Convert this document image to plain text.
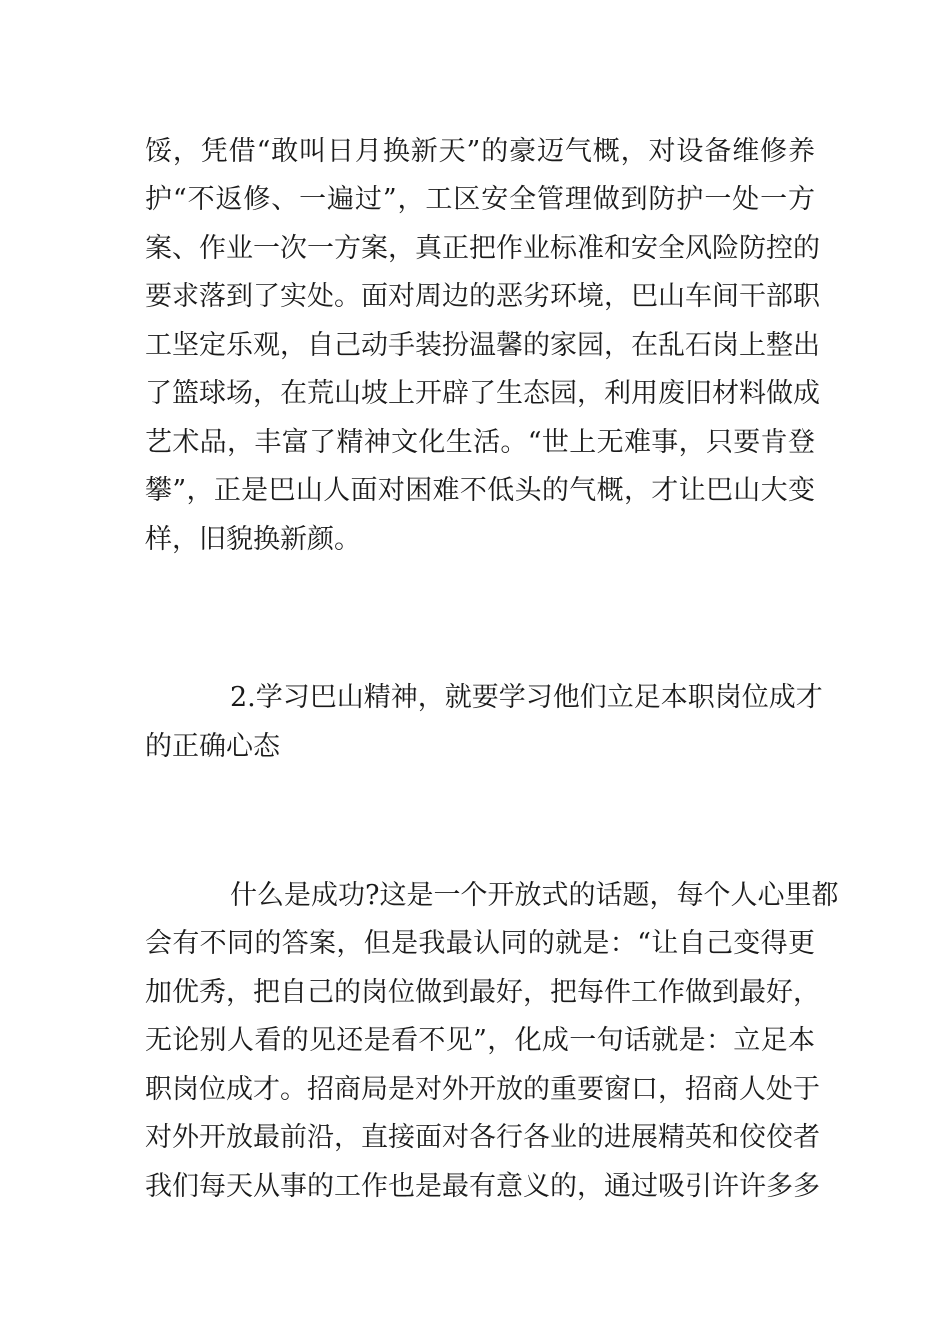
馁，凭借“敢叫日月换新天”的豪迈气概，对设备维修养
护“不返修、一遍过”，工区安全管理做到防护一处一方
案、作业一次一方案，真正把作业标准和安全风险防控的
要求落到了实处。面对周边的恶劣环境，巴山车间干部职
工坚定乐观，自己动手装扮温馨的家园，在乱石岗上整出
了篮球场，在荒山坡上开辟了生态园，利用废旧材料做成
艺术品，丰富了精神文化生活。“世上无难事，只要肯登
攀”，正是巴山人面对困难不低头的气概，才让巴山大变
样，旧貌换新颜。
2.学习巴山精神，就要学习他们立足本职岗位成才
的正确心态
什么是成功?这是一个开放式的话题，每个人心里都
会有不同的答案，但是我最认同的就是：“让自己变得更
加优秀，把自己的岗位做到最好，把每件工作做到最好，
无论别人看的见还是看不见”，化成一句话就是：立足本
职岗位成才。招商局是对外开放的重要窗口，招商人处于
对外开放最前沿，直接面对各行各业的进展精英和佼佼者
我们每天从事的工作也是最有意义的，通过吸引许许多多
